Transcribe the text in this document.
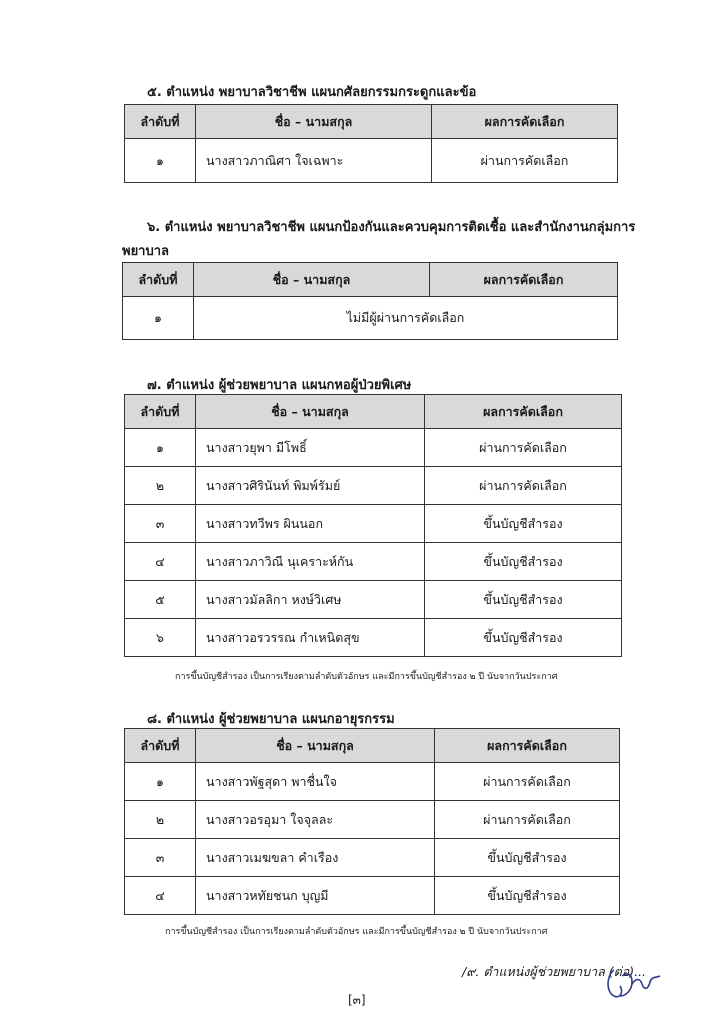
๕. ตำแหน่ง พยาบาลวิชาชีพ แผนกศัลยกรรมกระดูกและข้อ
ลำดับที่	ชื่อ – นามสกุล	ผลการคัดเลือก
๑	นางสาวภาณิศา ใจเฉพาะ	ผ่านการคัดเลือก
๖. ตำแหน่ง พยาบาลวิชาชีพ แผนกป้องกันและควบคุมการติดเชื้อ และสำนักงานกลุ่มการ
พยาบาล
ลำดับที่	ชื่อ – นามสกุล	ผลการคัดเลือก
๑	ไม่มีผู้ผ่านการคัดเลือก	
๗. ตำแหน่ง ผู้ช่วยพยาบาล แผนกหอผู้ป่วยพิเศษ
ลำดับที่	ชื่อ – นามสกุล	ผลการคัดเลือก
๑	นางสาวยุพา มีโพธิ์	ผ่านการคัดเลือก
๒	นางสาวศิรินันท์ พิมพ์รัมย์	ผ่านการคัดเลือก
๓	นางสาวทวีพร ผินนอก	ขึ้นบัญชีสำรอง
๔	นางสาวภาวิณี นุเคราะห์กัน	ขึ้นบัญชีสำรอง
๕	นางสาวมัลลิกา หงษ์วิเศษ	ขึ้นบัญชีสำรอง
๖	นางสาวอรวรรณ กำเหนิดสุข	ขึ้นบัญชีสำรอง
การขึ้นบัญชีสำรอง เป็นการเรียงตามลำดับตัวอักษร และมีการขึ้นบัญชีสำรอง ๒ ปี นับจากวันประกาศ
๘. ตำแหน่ง ผู้ช่วยพยาบาล แผนกอายุรกรรม
ลำดับที่	ชื่อ – นามสกุล	ผลการคัดเลือก
๑	นางสาวพัฐสุดา พาชื่นใจ	ผ่านการคัดเลือก
๒	นางสาวอรอุมา ใจจุลละ	ผ่านการคัดเลือก
๓	นางสาวเมฆขลา คำเรือง	ขึ้นบัญชีสำรอง
๔	นางสาวหทัยชนก บุญมี	ขึ้นบัญชีสำรอง
การขึ้นบัญชีสำรอง เป็นการเรียงตามลำดับตัวอักษร และมีการขึ้นบัญชีสำรอง ๒ ปี นับจากวันประกาศ
/๙. ตำแหน่งผู้ช่วยพยาบาล (ต่อ)...
[๓]
